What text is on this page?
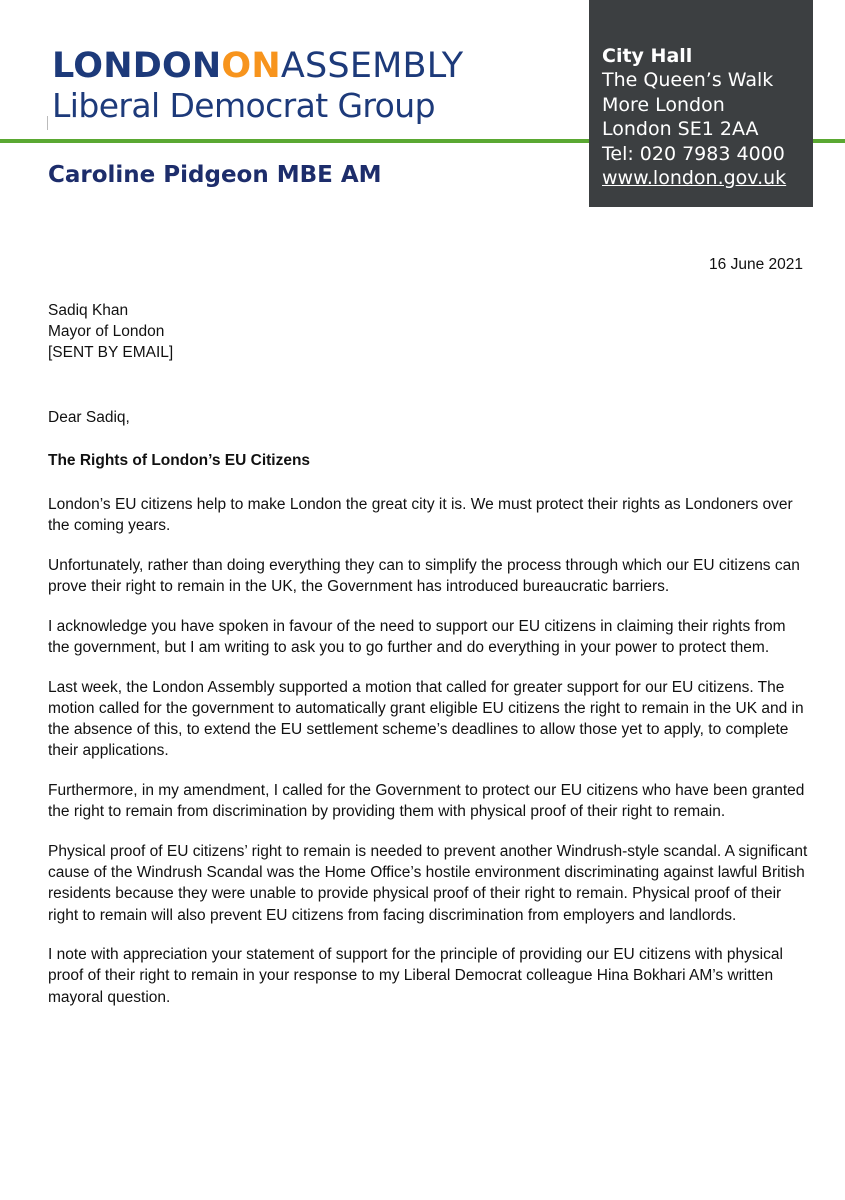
LONDONONASSEMBLY
Liberal Democrat Group
Caroline Pidgeon MBE AM
City Hall
The Queen’s Walk
More London
London SE1 2AA
Tel: 020 7983 4000
www.london.gov.uk
16 June 2021
Sadiq Khan
Mayor of London
[SENT BY EMAIL]
Dear Sadiq,
The Rights of London’s EU Citizens

London’s EU citizens help to make London the great city it is. We must protect their rights as Londoners over the coming years.

Unfortunately, rather than doing everything they can to simplify the process through which our EU citizens can prove their right to remain in the UK, the Government has introduced bureaucratic barriers.

I acknowledge you have spoken in favour of the need to support our EU citizens in claiming their rights from the government, but I am writing to ask you to go further and do everything in your power to protect them.

Last week, the London Assembly supported a motion that called for greater support for our EU citizens. The motion called for the government to automatically grant eligible EU citizens the right to remain in the UK and in the absence of this, to extend the EU settlement scheme’s deadlines to allow those yet to apply, to complete their applications.

Furthermore, in my amendment, I called for the Government to protect our EU citizens who have been granted the right to remain from discrimination by providing them with physical proof of their right to remain.

Physical proof of EU citizens’ right to remain is needed to prevent another Windrush-style scandal. A significant cause of the Windrush Scandal was the Home Office’s hostile environment discriminating against lawful British residents because they were unable to provide physical proof of their right to remain. Physical proof of their right to remain will also prevent EU citizens from facing discrimination from employers and landlords.

I note with appreciation your statement of support for the principle of providing our EU citizens with physical proof of their right to remain in your response to my Liberal Democrat colleague Hina Bokhari AM’s written mayoral question.
